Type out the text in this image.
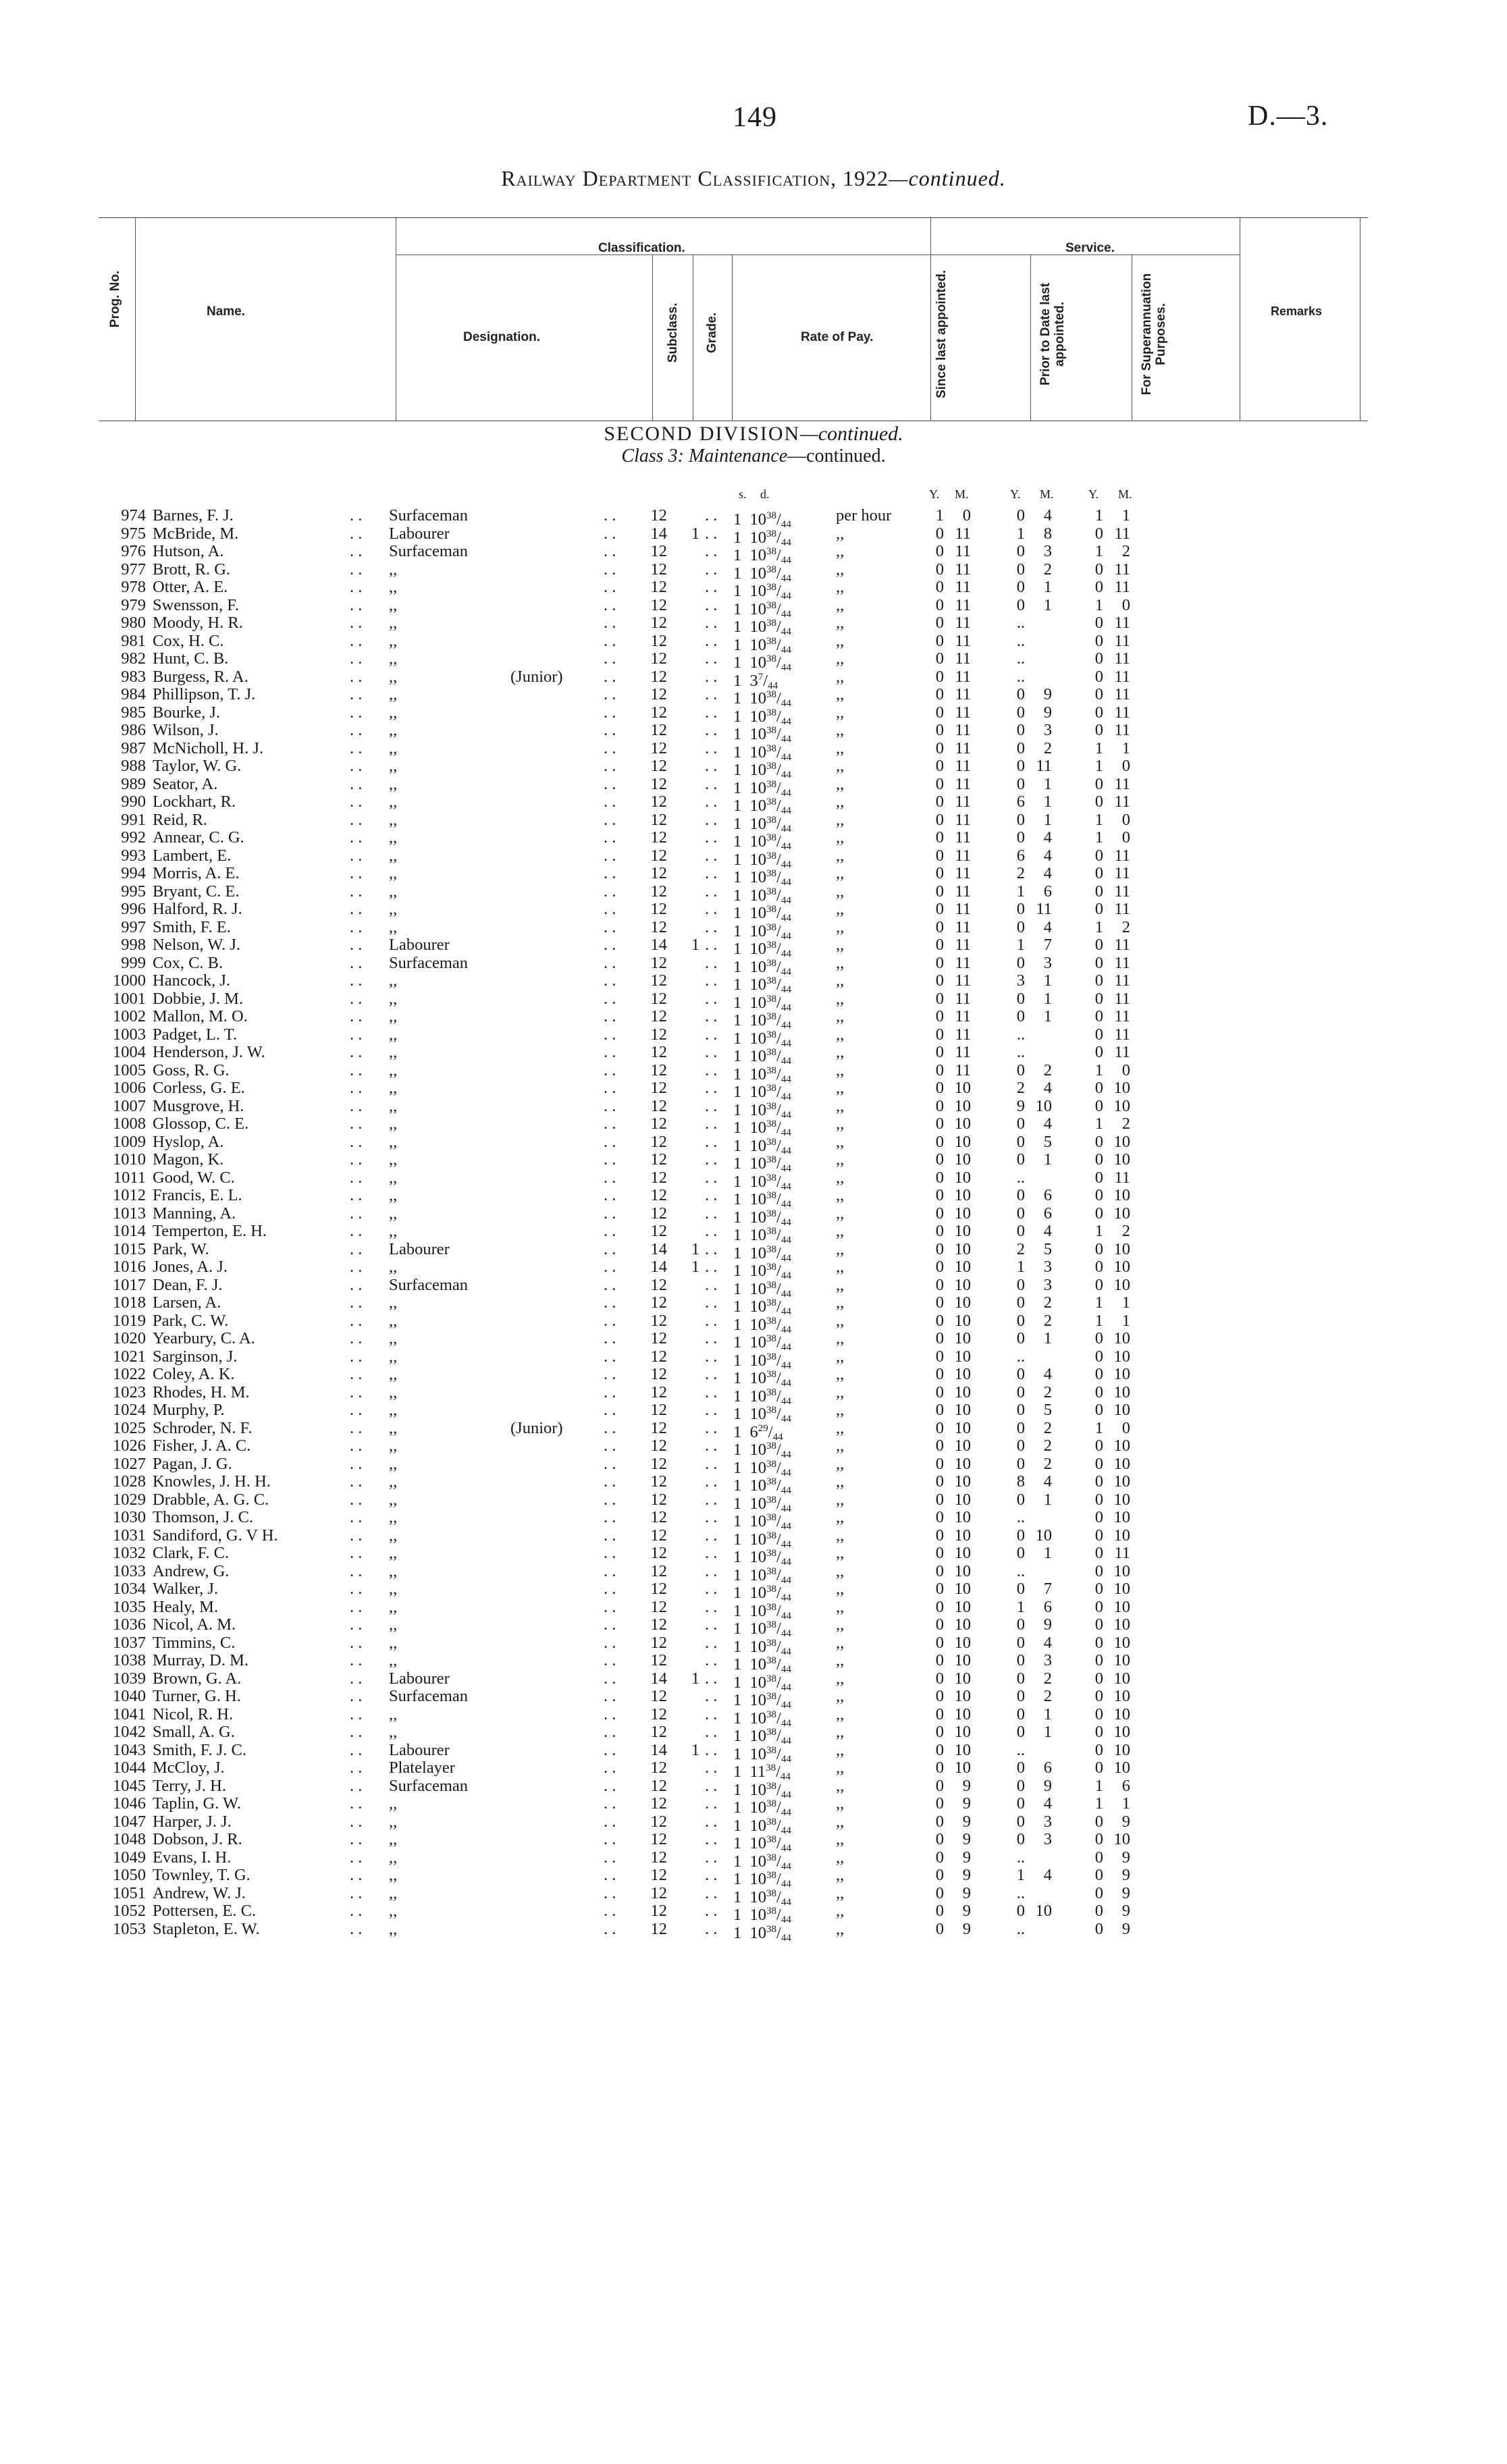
149	D.—3.
Railway Department Classification, 1922—continued.
Prog. No.	Name.
Classification.
Designation.	Subclass. Grade.	Rate of Pay.
Service.
Since last appointed.	Prior to Date last appointed.	For Superannuation Purposes.	Remarks
SECOND DIVISION—continued.
Class 3: Maintenance—continued.
s. d.	Y. M.	Y. M.	Y. M.
974 Barnes, F. J.	. . Surfaceman	. .	12 . . 1  $10^{38}/_{44}$	per hour	1 0	0 4	1 1
975 McBride, M.	. . Labourer	. .	14 1 . . 1  $10^{38}/_{44}$	,,	0 11	1 8	0 11
976 Hutson, A.	. . Surfaceman	. .	12 . . 1  $10^{38}/_{44}$	,,	0 11	0 3	1 2
977 Brott, R. G.	. . ,,	. .	12 . . 1  $10^{38}/_{44}$	,,	0 11	0 2	0 11
978 Otter, A. E.	. . ,,	. .	12 . . 1  $10^{38}/_{44}$	,,	0 11	0 1	0 11
979 Swensson, F.	. . ,,	. .	12 . . 1  $10^{38}/_{44}$	,,	0 11	0 1	1 0
980 Moody, H. R.	. . ,,	. .	12 . . 1  $10^{38}/_{44}$	,,	0 11	..	0 11
981 Cox, H. C.	. . ,,	. .	12 . . 1  $10^{38}/_{44}$	,,	0 11	..	0 11
982 Hunt, C. B.	. . ,,	. .	12 . . 1  $10^{38}/_{44}$	,,	0 11	..	0 11
983 Burgess, R. A.	. . ,,	(Junior) . .	12 . . 1  $3^7/_{44}$	,,	0 11	..	0 11
984 Phillipson, T. J.	. . ,,	. .	12 . . 1  $10^{38}/_{44}$	,,	0 11	0 9	0 11
985 Bourke, J.	. . ,,	. .	12 . . 1  $10^{38}/_{44}$	,,	0 11	0 9	0 11
986 Wilson, J.	. . ,,	. .	12 . . 1  $10^{38}/_{44}$	,,	0 11	0 3	0 11
987 McNicholl, H. J.	. . ,,	. .	12 . . 1  $10^{38}/_{44}$	,,	0 11	0 2	1 1
988 Taylor, W. G.	. . ,,	. .	12 . . 1  $10^{38}/_{44}$	,,	0 11	0 11	1 0
989 Seator, A.	. . ,,	. .	12 . . 1  $10^{38}/_{44}$	,,	0 11	0 1	0 11
990 Lockhart, R.	. . ,,	. .	12 . . 1  $10^{38}/_{44}$	,,	0 11	6 1	0 11
991 Reid, R.	. . ,,	. .	12 . . 1  $10^{38}/_{44}$	,,	0 11	0 1	1 0
992 Annear, C. G.	. . ,,	. .	12 . . 1  $10^{38}/_{44}$	,,	0 11	0 4	1 0
993 Lambert, E.	. . ,,	. .	12 . . 1  $10^{38}/_{44}$	,,	0 11	6 4	0 11
994 Morris, A. E.	. . ,,	. .	12 . . 1  $10^{38}/_{44}$	,,	0 11	2 4	0 11
995 Bryant, C. E.	. . ,,	. .	12 . . 1  $10^{38}/_{44}$	,,	0 11	1 6	0 11
996 Halford, R. J.	. . ,,	. .	12 . . 1  $10^{38}/_{44}$	,,	0 11	0 11	0 11
997 Smith, F. E.	. . ,,	. .	12 . . 1  $10^{38}/_{44}$	,,	0 11	0 4	1 2
998 Nelson, W. J.	. . Labourer	. .	14 1 . . 1  $10^{38}/_{44}$	,,	0 11	1 7	0 11
999 Cox, C. B.	. . Surfaceman	. .	12 . . 1  $10^{38}/_{44}$	,,	0 11	0 3	0 11
1000 Hancock, J.	. . ,,	. .	12 . . 1  $10^{38}/_{44}$	,,	0 11	3 1	0 11
1001 Dobbie, J. M.	. . ,,	. .	12 . . 1  $10^{38}/_{44}$	,,	0 11	0 1	0 11
1002 Mallon, M. O.	. . ,,	. .	12 . . 1  $10^{38}/_{44}$	,,	0 11	0 1	0 11
1003 Padget, L. T.	. . ,,	. .	12 . . 1  $10^{38}/_{44}$	,,	0 11	..	0 11
1004 Henderson, J. W.	. . ,,	. .	12 . . 1  $10^{38}/_{44}$	,,	0 11	..	0 11
1005 Goss, R. G.	. . ,,	. .	12 . . 1  $10^{38}/_{44}$	,,	0 11	0 2	1 0
1006 Corless, G. E.	. . ,,	. .	12 . . 1  $10^{38}/_{44}$	,,	0 10	2 4	0 10
1007 Musgrove, H.	. . ,,	. .	12 . . 1  $10^{38}/_{44}$	,,	0 10	9 10	0 10
1008 Glossop, C. E.	. . ,,	. .	12 . . 1  $10^{38}/_{44}$	,,	0 10	0 4	1 2
1009 Hyslop, A.	. . ,,	. .	12 . . 1  $10^{38}/_{44}$	,,	0 10	0 5	0 10
1010 Magon, K.	. . ,,	. .	12 . . 1  $10^{38}/_{44}$	,,	0 10	0 1	0 10
1011 Good, W. C.	. . ,,	. .	12 . . 1  $10^{38}/_{44}$	,,	0 10	..	0 11
1012 Francis, E. L.	. . ,,	. .	12 . . 1  $10^{38}/_{44}$	,,	0 10	0 6	0 10
1013 Manning, A.	. . ,,	. .	12 . . 1  $10^{38}/_{44}$	,,	0 10	0 6	0 10
1014 Temperton, E. H.	. . ,,	. .	12 . . 1  $10^{38}/_{44}$	,,	0 10	0 4	1 2
1015 Park, W.	. . Labourer	. .	14 1 . . 1  $10^{38}/_{44}$	,,	0 10	2 5	0 10
1016 Jones, A. J.	. . ,,	. .	14 1 . . 1  $10^{38}/_{44}$	,,	0 10	1 3	0 10
1017 Dean, F. J.	. . Surfaceman	. .	12 . . 1  $10^{38}/_{44}$	,,	0 10	0 3	0 10
1018 Larsen, A.	. . ,,	. .	12 . . 1  $10^{38}/_{44}$	,,	0 10	0 2	1 1
1019 Park, C. W.	. . ,,	. .	12 . . 1  $10^{38}/_{44}$	,,	0 10	0 2	1 1
1020 Yearbury, C. A.	. . ,,	. .	12 . . 1  $10^{38}/_{44}$	,,	0 10	0 1	0 10
1021 Sarginson, J.	. . ,,	. .	12 . . 1  $10^{38}/_{44}$	,,	0 10	..	0 10
1022 Coley, A. K.	. . ,,	. .	12 . . 1  $10^{38}/_{44}$	,,	0 10	0 4	0 10
1023 Rhodes, H. M.	. . ,,	. .	12 . . 1  $10^{38}/_{44}$	,,	0 10	0 2	0 10
1024 Murphy, P.	. . ,,	. .	12 . . 1  $10^{38}/_{44}$	,,	0 10	0 5	0 10
1025 Schroder, N. F.	. . ,,	(Junior) . .	12 . . 1  $6^{29}/_{44}$	,,	0 10	0 2	1 0
1026 Fisher, J. A. C.	. . ,,	. .	12 . . 1  $10^{38}/_{44}$	,,	0 10	0 2	0 10
1027 Pagan, J. G.	. . ,,	. .	12 . . 1  $10^{38}/_{44}$	,,	0 10	0 2	0 10
1028 Knowles, J. H. H.	. . ,,	. .	12 . . 1  $10^{38}/_{44}$	,,	0 10	8 4	0 10
1029 Drabble, A. G. C.	. . ,,	. .	12 . . 1  $10^{38}/_{44}$	,,	0 10	0 1	0 10
1030 Thomson, J. C.	. . ,,	. .	12 . . 1  $10^{38}/_{44}$	,,	0 10	..	0 10
1031 Sandiford, G. V H.	. . ,,	. .	12 . . 1  $10^{38}/_{44}$	,,	0 10	0 10	0 10
1032 Clark, F. C.	. . ,,	. .	12 . . 1  $10^{38}/_{44}$	,,	0 10	0 1	0 11
1033 Andrew, G.	. . ,,	. .	12 . . 1  $10^{38}/_{44}$	,,	0 10	..	0 10
1034 Walker, J.	. . ,,	. .	12 . . 1  $10^{38}/_{44}$	,,	0 10	0 7	0 10
1035 Healy, M.	. . ,,	. .	12 . . 1  $10^{38}/_{44}$	,,	0 10	1 6	0 10
1036 Nicol, A. M.	. . ,,	. .	12 . . 1  $10^{38}/_{44}$	,,	0 10	0 9	0 10
1037 Timmins, C.	. . ,,	. .	12 . . 1  $10^{38}/_{44}$	,,	0 10	0 4	0 10
1038 Murray, D. M.	. . ,,	. .	12 . . 1  $10^{38}/_{44}$	,,	0 10	0 3	0 10
1039 Brown, G. A.	. . Labourer	. .	14 1 . . 1  $10^{38}/_{44}$	,,	0 10	0 2	0 10
1040 Turner, G. H.	. . Surfaceman	. .	12 . . 1  $10^{38}/_{44}$	,,	0 10	0 2	0 10
1041 Nicol, R. H.	. . ,,	. .	12 . . 1  $10^{38}/_{44}$	,,	0 10	0 1	0 10
1042 Small, A. G.	. . ,,	. .	12 . . 1  $10^{38}/_{44}$	,,	0 10	0 1	0 10
1043 Smith, F. J. C.	. . Labourer	. .	14 1 . . 1  $10^{38}/_{44}$	,,	0 10	..	0 10
1044 McCloy, J.	. . Platelayer	. .	12 . . 1  $11^{38}/_{44}$	,,	0 10	0 6	0 10
1045 Terry, J. H.	. . Surfaceman	. .	12 . . 1  $10^{38}/_{44}$	,,	0 9	0 9	1 6
1046 Taplin, G. W.	. . ,,	. .	12 . . 1  $10^{38}/_{44}$	,,	0 9	0 4	1 1
1047 Harper, J. J.	. . ,,	. .	12 . . 1  $10^{38}/_{44}$	,,	0 9	0 3	0 9
1048 Dobson, J. R.	. . ,,	. .	12 . . 1  $10^{38}/_{44}$	,,	0 9	0 3	0 10
1049 Evans, I. H.	. . ,,	. .	12 . . 1  $10^{38}/_{44}$	,,	0 9	..	0 9
1050 Townley, T. G.	. . ,,	. .	12 . . 1  $10^{38}/_{44}$	,,	0 9	1 4	0 9
1051 Andrew, W. J.	. . ,,	. .	12 . . 1  $10^{38}/_{44}$	,,	0 9	..	0 9
1052 Pottersen, E. C.	. . ,,	. .	12 . . 1  $10^{38}/_{44}$	,,	0 9	0 10	0 9
1053 Stapleton, E. W.	. . ,,	. .	12 . . 1  $10^{38}/_{44}$	,,	0 9	..	0 9
